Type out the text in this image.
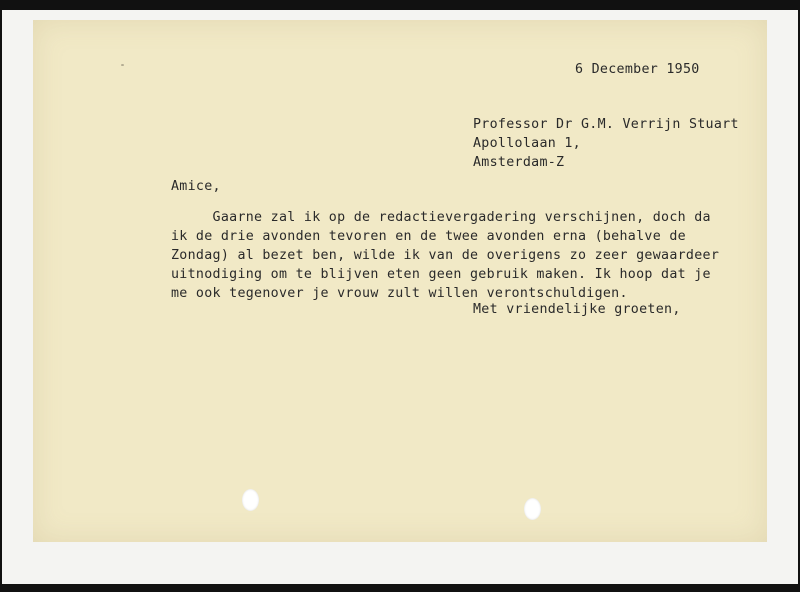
6 December 1950
Professor Dr G.M. Verrijn Stuart
Apollolaan 1,
Amsterdam-Z
Amice,
Gaarne zal ik op de redactievergadering verschijnen, doch da
ik de drie avonden tevoren en de twee avonden erna (behalve de
Zondag) al bezet ben, wilde ik van de overigens zo zeer gewaardeer
uitnodiging om te blijven eten geen gebruik maken. Ik hoop dat je
me ook tegenover je vrouw zult willen verontschuldigen.
Met vriendelijke groeten,
